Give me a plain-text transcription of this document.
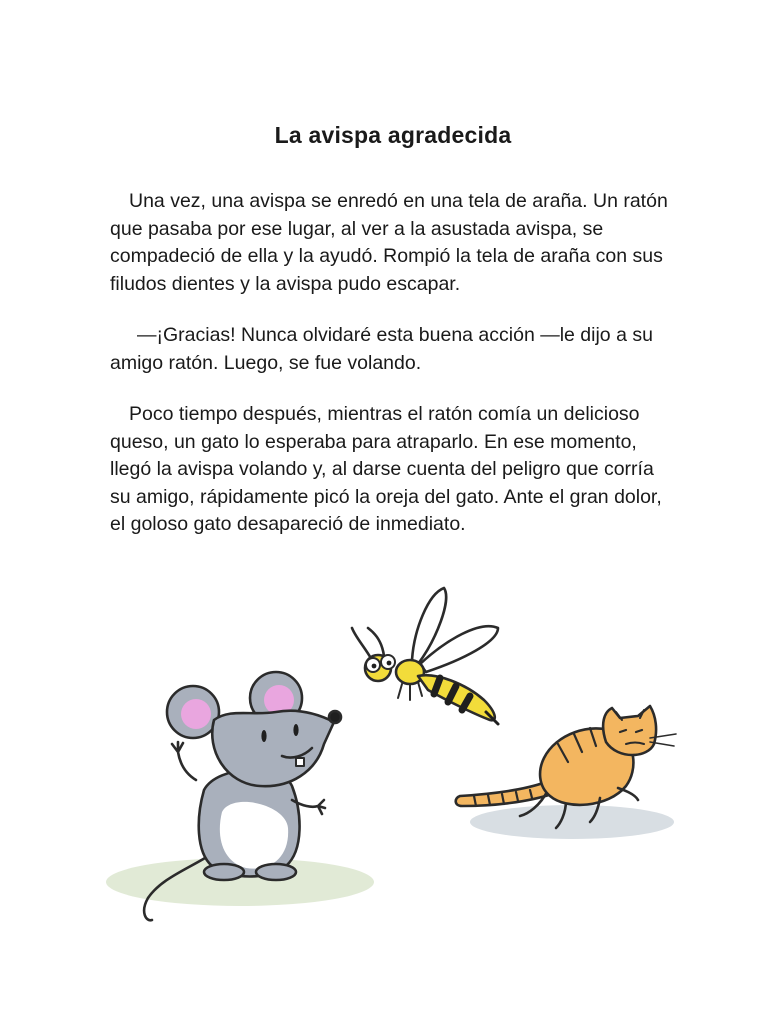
La avispa agradecida

Una vez, una avispa se enredó en una tela de araña. Un ratón que pasaba por ese lugar, al ver a la asustada avispa, se compadeció de ella y la ayudó. Rompió la tela de araña con sus filudos dientes y la avispa pudo escapar.

—¡Gracias! Nunca olvidaré esta buena acción —le dijo a su amigo ratón. Luego, se fue volando.

Poco tiempo después, mientras el ratón comía un delicioso queso, un gato lo esperaba para atraparlo. En ese momento, llegó la avispa volando y, al darse cuenta del peligro que corría su amigo, rápidamente picó la oreja del gato. Ante el gran dolor, el goloso gato desapareció de inmediato.
